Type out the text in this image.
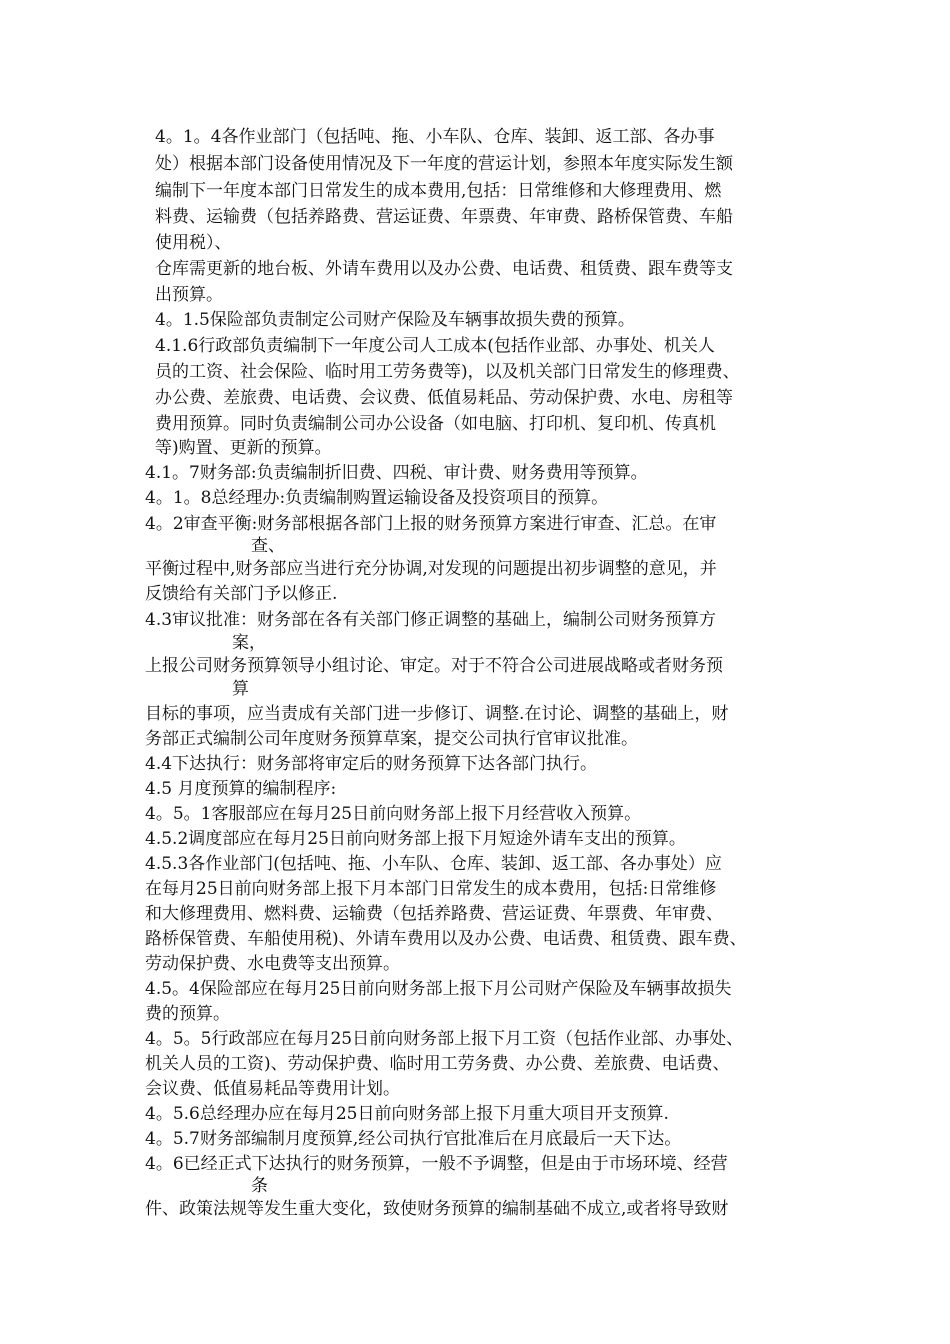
4。1。4各作业部门（包括吨、拖、小车队、仓库、装卸、返工部、各办事
处）根据本部门设备使用情况及下一年度的营运计划，参照本年度实际发生额
编制下一年度本部门日常发生的成本费用,包括：日常维修和大修理费用、燃
料费、运输费（包括养路费、营运证费、年票费、年审费、路桥保管费、车船
使用税）、
仓库需更新的地台板、外请车费用以及办公费、电话费、租赁费、跟车费等支
出预算。
4。1.5保险部负责制定公司财产保险及车辆事故损失费的预算。
4.1.6行政部负责编制下一年度公司人工成本(包括作业部、办事处、机关人
员的工资、社会保险、临时用工劳务费等)，以及机关部门日常发生的修理费、
办公费、差旅费、电话费、会议费、低值易耗品、劳动保护费、水电、房租等
费用预算。同时负责编制公司办公设备（如电脑、打印机、复印机、传真机
等)购置、更新的预算。
4.1。7财务部:负责编制折旧费、四税、审计费、财务费用等预算。
4。1。8总经理办:负责编制购置运输设备及投资项目的预算。
4。2审查平衡:财务部根据各部门上报的财务预算方案进行审查、汇总。在审
查、
平衡过程中,财务部应当进行充分协调,对发现的问题提出初步调整的意见，并
反馈给有关部门予以修正.
4.3审议批准：财务部在各有关部门修正调整的基础上，编制公司财务预算方
案，
上报公司财务预算领导小组讨论、审定。对于不符合公司进展战略或者财务预
算
目标的事项，应当责成有关部门进一步修订、调整.在讨论、调整的基础上，财
务部正式编制公司年度财务预算草案，提交公司执行官审议批准。
4.4下达执行：财务部将审定后的财务预算下达各部门执行。
4.5 月度预算的编制程序:
4。5。1客服部应在每月25日前向财务部上报下月经营收入预算。
4.5.2调度部应在每月25日前向财务部上报下月短途外请车支出的预算。
4.5.3各作业部门(包括吨、拖、小车队、仓库、装卸、返工部、各办事处）应
在每月25日前向财务部上报下月本部门日常发生的成本费用，包括:日常维修
和大修理费用、燃料费、运输费（包括养路费、营运证费、年票费、年审费、
路桥保管费、车船使用税)、外请车费用以及办公费、电话费、租赁费、跟车费、
劳动保护费、水电费等支出预算。
4.5。4保险部应在每月25日前向财务部上报下月公司财产保险及车辆事故损失
费的预算。
4。5。5行政部应在每月25日前向财务部上报下月工资（包括作业部、办事处、
机关人员的工资)、劳动保护费、临时用工劳务费、办公费、差旅费、电话费、
会议费、低值易耗品等费用计划。
4。5.6总经理办应在每月25日前向财务部上报下月重大项目开支预算.
4。5.7财务部编制月度预算,经公司执行官批准后在月底最后一天下达。
4。6已经正式下达执行的财务预算，一般不予调整，但是由于市场环境、经营
条
件、政策法规等发生重大变化，致使财务预算的编制基础不成立,或者将导致财
